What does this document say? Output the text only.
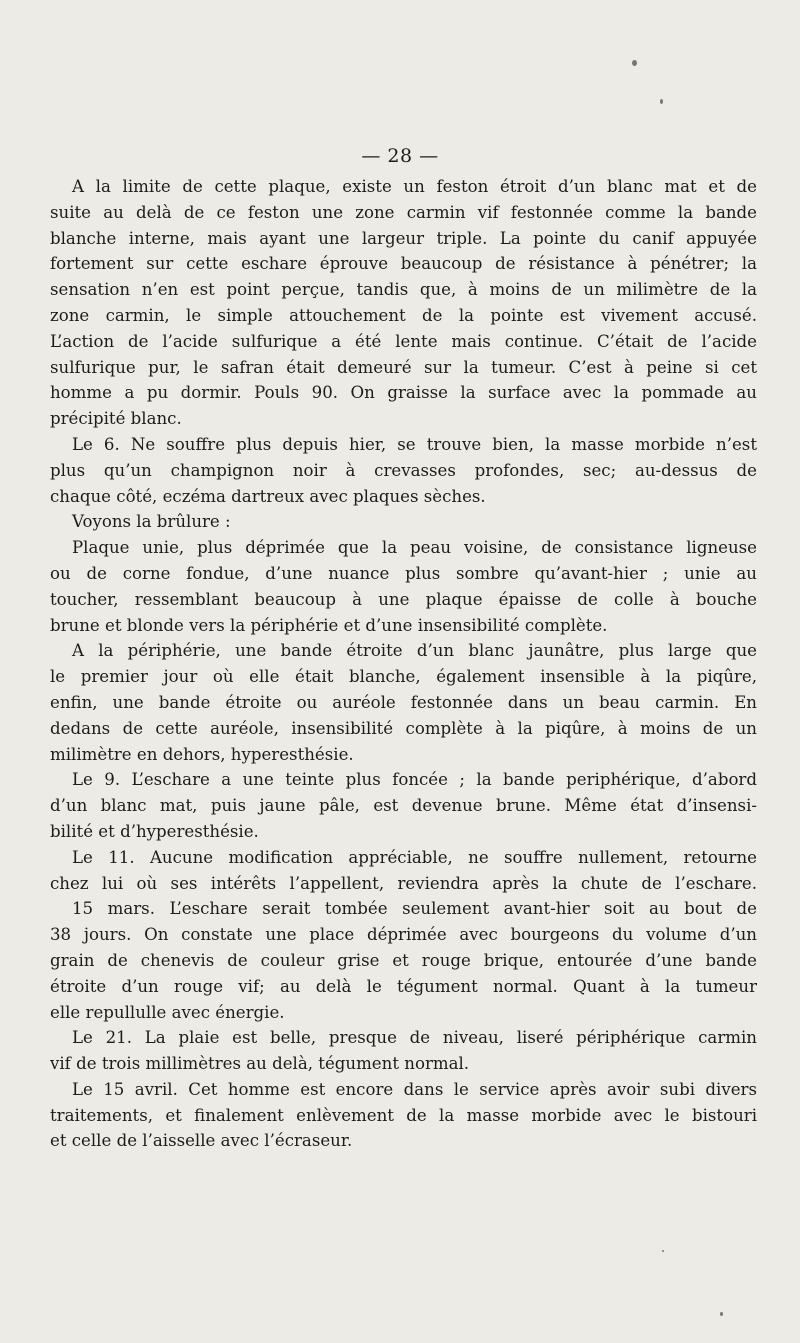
— 28 —
A la limite de cette plaque, existe un feston étroit d’un blanc mat et de
suite au delà de ce feston une zone carmin vif festonnée comme la bande
blanche interne, mais ayant une largeur triple. La pointe du canif appuyée
fortement sur cette eschare éprouve beaucoup de résistance à pénétrer; la
sensation n’en est point perçue, tandis que, à moins de un milimètre de la
zone carmin, le simple attouchement de la pointe est vivement accusé.
L’action de l’acide sulfurique a été lente mais continue. C’était de l’acide
sulfurique pur, le safran était demeuré sur la tumeur. C’est à peine si cet
homme a pu dormir. Pouls 90. On graisse la surface avec la pommade au
précipité blanc.
Le 6. Ne souffre plus depuis hier, se trouve bien, la masse morbide n’est
plus qu’un champignon noir à crevasses profondes, sec; au-dessus de
chaque côté, eczéma dartreux avec plaques sèches.
Voyons la brûlure :
Plaque unie, plus déprimée que la peau voisine, de consistance ligneuse
ou de corne fondue, d’une nuance plus sombre qu’avant-hier ; unie au
toucher, ressemblant beaucoup à une plaque épaisse de colle à bouche
brune et blonde vers la périphérie et d’une insensibilité complète.
A la périphérie, une bande étroite d’un blanc jaunâtre, plus large que
le premier jour où elle était blanche, également insensible à la piqûre,
enfin, une bande étroite ou auréole festonnée dans un beau carmin. En
dedans de cette auréole, insensibilité complète à la piqûre, à moins de un
milimètre en dehors, hyperesthésie.
Le 9. L’eschare a une teinte plus foncée ; la bande periphérique, d’abord
d’un blanc mat, puis jaune pâle, est devenue brune. Même état d’insensi-
bilité et d’hyperesthésie.
Le 11. Aucune modification appréciable, ne souffre nullement, retourne
chez lui où ses intérêts l’appellent, reviendra après la chute de l’eschare.
15 mars. L’eschare serait tombée seulement avant-hier soit au bout de
38 jours. On constate une place déprimée avec bourgeons du volume d’un
grain de chenevis de couleur grise et rouge brique, entourée d’une bande
étroite d’un rouge vif; au delà le tégument normal. Quant à la tumeur
elle repullulle avec énergie.
Le 21. La plaie est belle, presque de niveau, liseré périphérique carmin
vif de trois millimètres au delà, tégument normal.
Le 15 avril. Cet homme est encore dans le service après avoir subi divers
traitements, et finalement enlèvement de la masse morbide avec le bistouri
et celle de l’aisselle avec l’écraseur.
